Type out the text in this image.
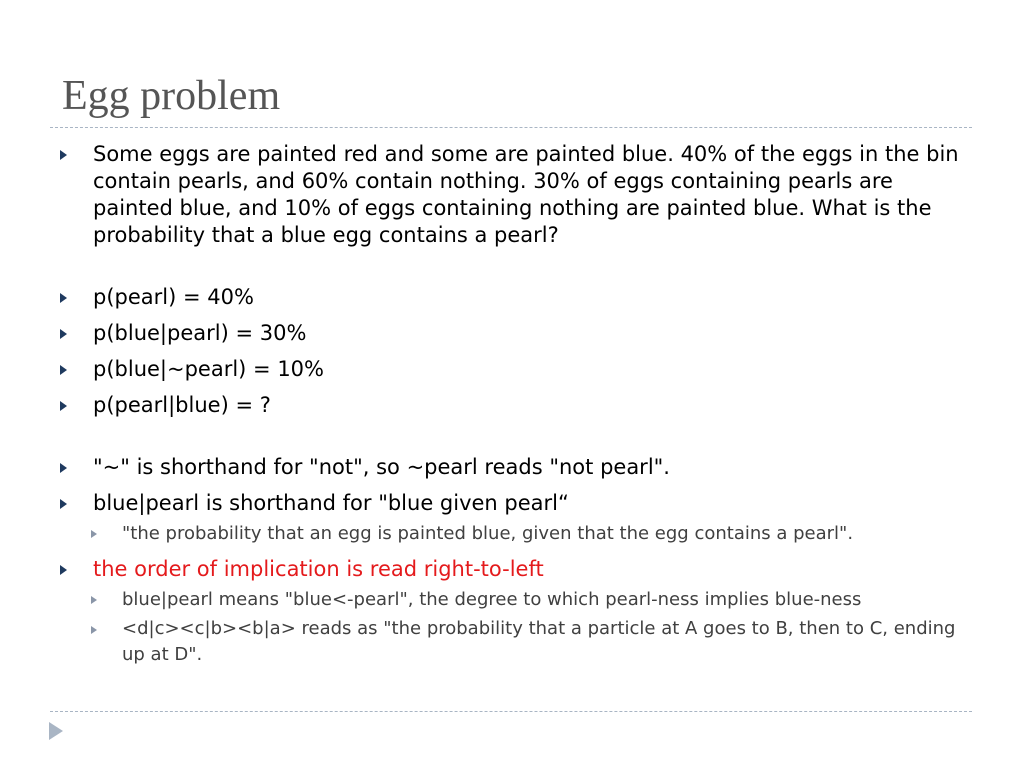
Egg problem
Some eggs are painted red and some are painted blue. 40% of the eggs in the bin contain pearls, and 60% contain nothing. 30% of eggs containing pearls are painted blue, and 10% of eggs containing nothing are painted blue. What is the probability that a blue egg contains a pearl?
p(pearl) = 40%
p(blue|pearl) = 30%
p(blue|~pearl) = 10%
p(pearl|blue) = ?
"~" is shorthand for "not", so ~pearl reads "not pearl".
blue|pearl is shorthand for "blue given pearl“
"the probability that an egg is painted blue, given that the egg contains a pearl".
the order of implication is read right-to-left
blue|pearl means "blue<-pearl", the degree to which pearl-ness implies blue-ness
<d|c><c|b><b|a> reads as "the probability that a particle at A goes to B, then to C, ending up at D".
